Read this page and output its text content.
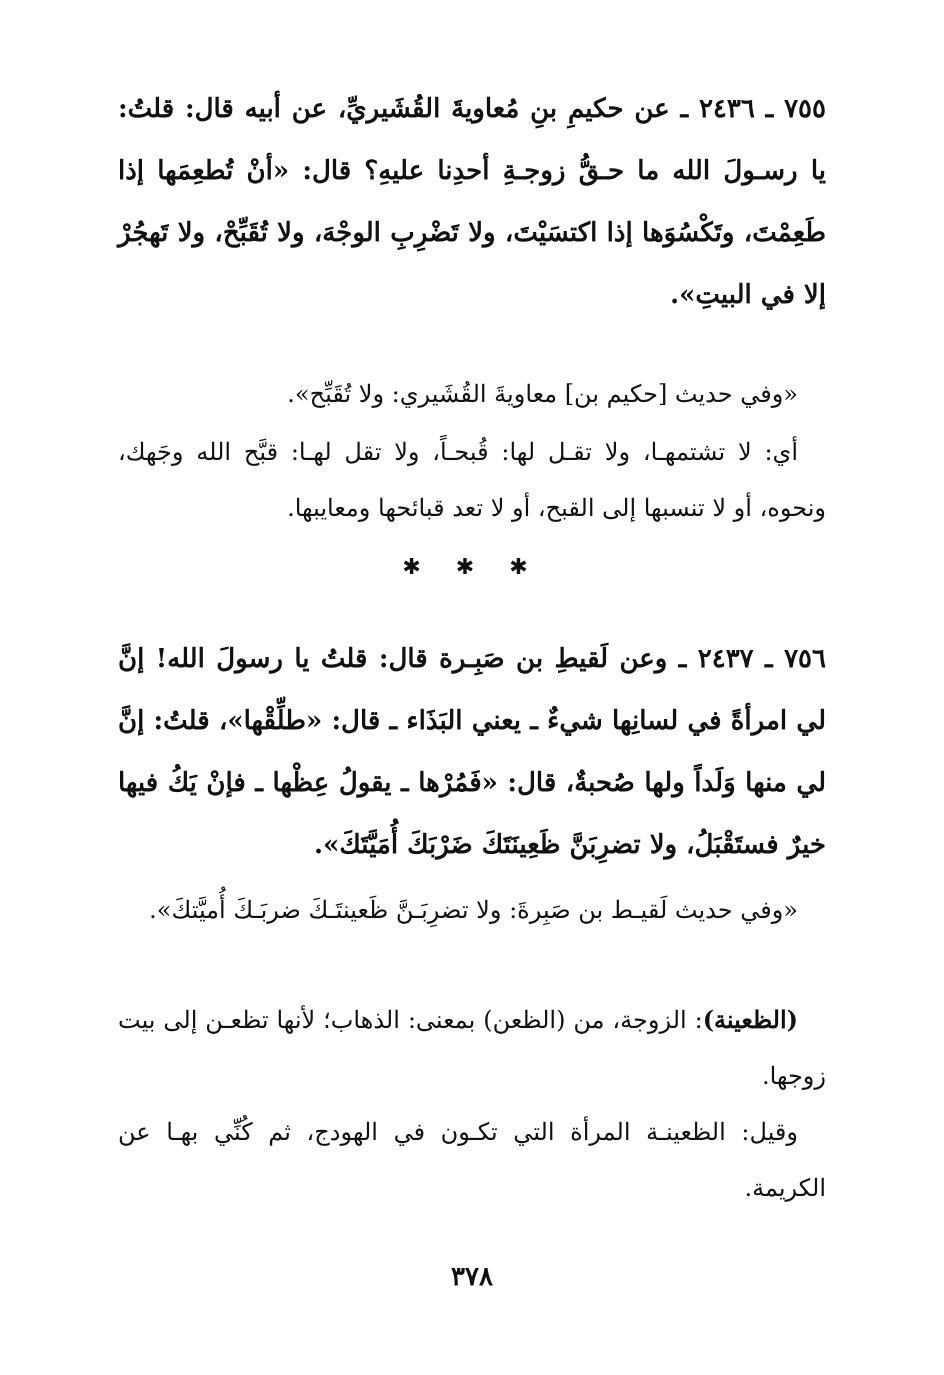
٧٥٥ ـ ٢٤٣٦ ـ عن حكيمِ بنِ مُعاويةَ القُشَيريِّ، عن أبيه قال: قلتُ: يا رسـولَ الله ما حـقُّ زوجـةِ أحدِنا عليهِ؟ قال: «أنْ تُطعِمَها إذا طَعِمْتَ، وتَكْسُوَها إذا اكتسَيْتَ، ولا تَضْرِبِ الوجْهَ، ولا تُقَبِّحْ، ولا تَهجُرْ إلا في البيتِ».

«وفي حديث [حكيم بن] معاويةَ القُشَيري: ولا تُقَبِّح».

أي: لا تشتمهـا، ولا تقـل لها: قُبحـاً، ولا تقل لهـا: قبَّح الله وجَهك، ونحوه، أو لا تنسبها إلى القبح، أو لا تعد قبائحها ومعايبها.

✱ ✱ ✱

٧٥٦ ـ ٢٤٣٧ ـ وعن لَقيطِ بن صَبِـرة قال: قلتُ يا رسولَ الله! إنَّ لي امرأةً في لسانِها شيءٌ ـ يعني البَذَاء ـ قال: «طلِّقْها»، قلتُ: إنَّ لي منها وَلَداً ولها صُحبةٌ، قال: «فَمُرْها ـ يقولُ عِظْها ـ فإنْ يَكُ فيها خيرٌ فستَقْبَلُ، ولا تضرِبَنَّ ظَعِينَتَكَ ضَرْبَكَ أُمَيَّتَكَ».

«وفي حديث لَقيـط بن صَبِرةَ: ولا تضرِبَـنَّ ظَعينتَـكَ ضربَـكَ أُميَّتكَ».

(الظعينة): الزوجة، من (الظعن) بمعنى: الذهاب؛ لأنها تظعـن إلى بيت زوجها.

وقيل: الظعينـة المرأة التي تكـون في الهودج، ثم كُنِّي بهـا عن الكريمة.

٣٧٨
